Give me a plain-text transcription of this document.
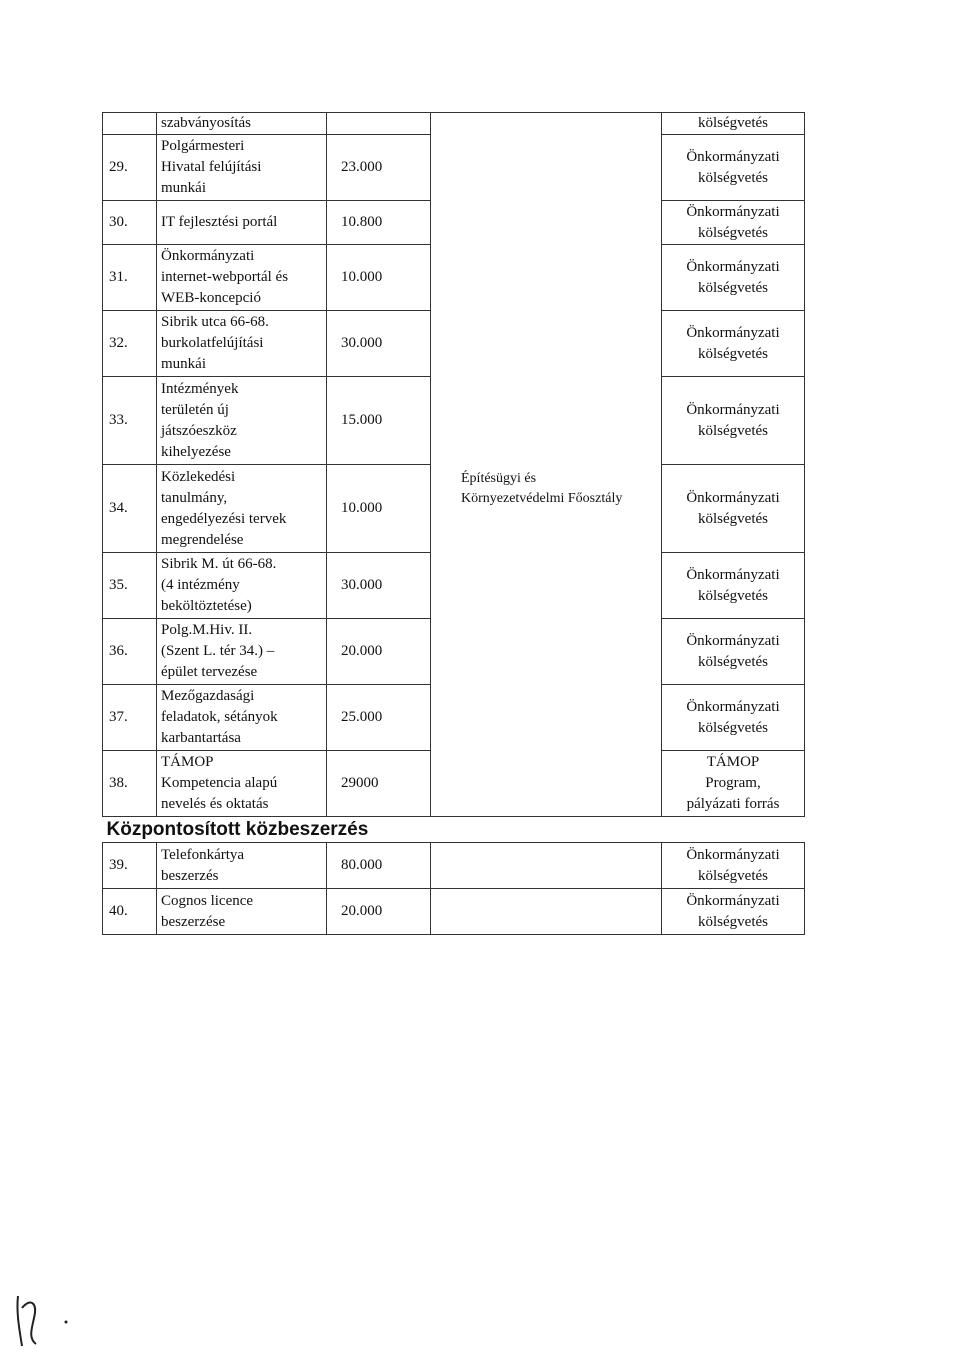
	szabványosítás		Építésügyi és
Környezetvédelmi Főosztály	kölségvetés

29.	Polgármesteri
Hivatal felújítási
munkái	23.000		Önkormányzati
kölségvetés

30.	IT fejlesztési portál	10.800		Önkormányzati
kölségvetés

31.	Önkormányzati
internet-webportál és
WEB-koncepció	10.000		Önkormányzati
kölségvetés

32.	Sibrik utca 66-68.
burkolatfelújítási
munkái	30.000		Önkormányzati
kölségvetés

33.	Intézmények
területén új
játszóeszköz
kihelyezése	15.000		Önkormányzati
kölségvetés

34.	Közlekedési
tanulmány,
engedélyezési tervek
megrendelése	10.000		Önkormányzati
kölségvetés

35.	Sibrik M. út 66-68.
(4 intézmény
beköltöztetése)	30.000		Önkormányzati
kölségvetés

36.	Polg.M.Hiv. II.
(Szent L. tér 34.) –
épület tervezése	20.000		Önkormányzati
kölségvetés

37.	Mezőgazdasági
feladatok, sétányok
karbantartása	25.000		Önkormányzati
kölségvetés

38.	TÁMOP
Kompetencia alapú
nevelés és oktatás	29000		TÁMOP
Program,
pályázati forrás

Központosított közbeszerzés				
39.	Telefonkártya
beszerzés	80.000		Önkormányzati
kölségvetés

40.	Cognos licence
beszerzése	20.000		Önkormányzati
kölségvetés
